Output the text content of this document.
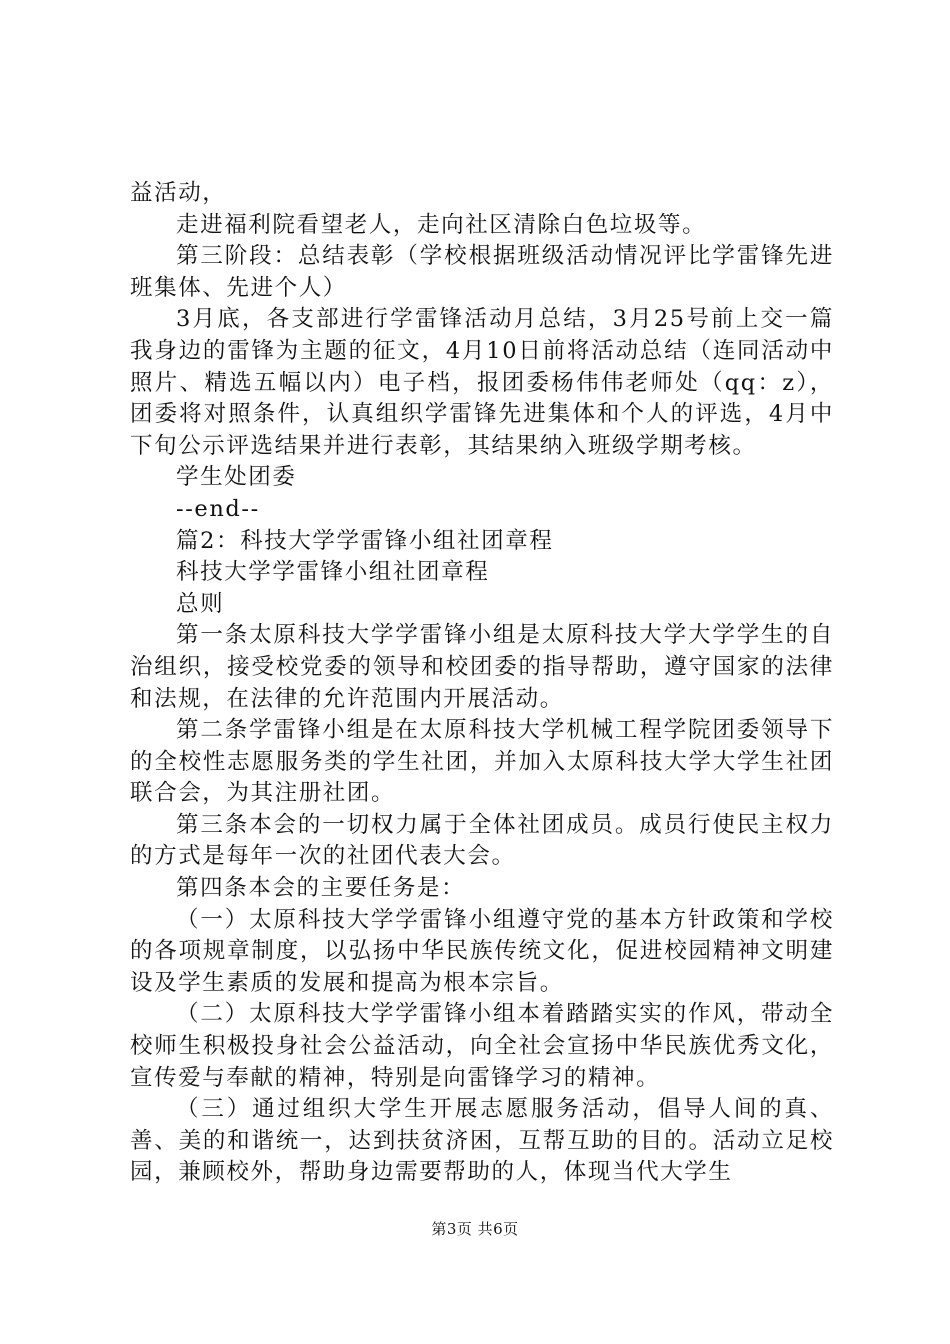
益活动，

走进福利院看望老人，走向社区清除白色垃圾等。

第三阶段：总结表彰（学校根据班级活动情况评比学雷锋先进班集体、先进个人）

3月底，各支部进行学雷锋活动月总结，3月25号前上交一篇我身边的雷锋为主题的征文，4月10日前将活动总结（连同活动中照片、精选五幅以内）电子档，报团委杨伟伟老师处（qq：z），团委将对照条件，认真组织学雷锋先进集体和个人的评选，4月中下旬公示评选结果并进行表彰，其结果纳入班级学期考核。

学生处团委

--end--

篇2：科技大学学雷锋小组社团章程

科技大学学雷锋小组社团章程

总则

第一条太原科技大学学雷锋小组是太原科技大学大学学生的自治组织，接受校党委的领导和校团委的指导帮助，遵守国家的法律和法规，在法律的允许范围内开展活动。

第二条学雷锋小组是在太原科技大学机械工程学院团委领导下的全校性志愿服务类的学生社团，并加入太原科技大学大学生社团联合会，为其注册社团。

第三条本会的一切权力属于全体社团成员。成员行使民主权力的方式是每年一次的社团代表大会。

第四条本会的主要任务是：

（一）太原科技大学学雷锋小组遵守党的基本方针政策和学校的各项规章制度，以弘扬中华民族传统文化，促进校园精神文明建设及学生素质的发展和提高为根本宗旨。

（二）太原科技大学学雷锋小组本着踏踏实实的作风，带动全校师生积极投身社会公益活动，向全社会宣扬中华民族优秀文化，宣传爱与奉献的精神，特别是向雷锋学习的精神。

（三）通过组织大学生开展志愿服务活动，倡导人间的真、善、美的和谐统一，达到扶贫济困，互帮互助的目的。活动立足校园，兼顾校外，帮助身边需要帮助的人，体现当代大学生

第3页 共6页
